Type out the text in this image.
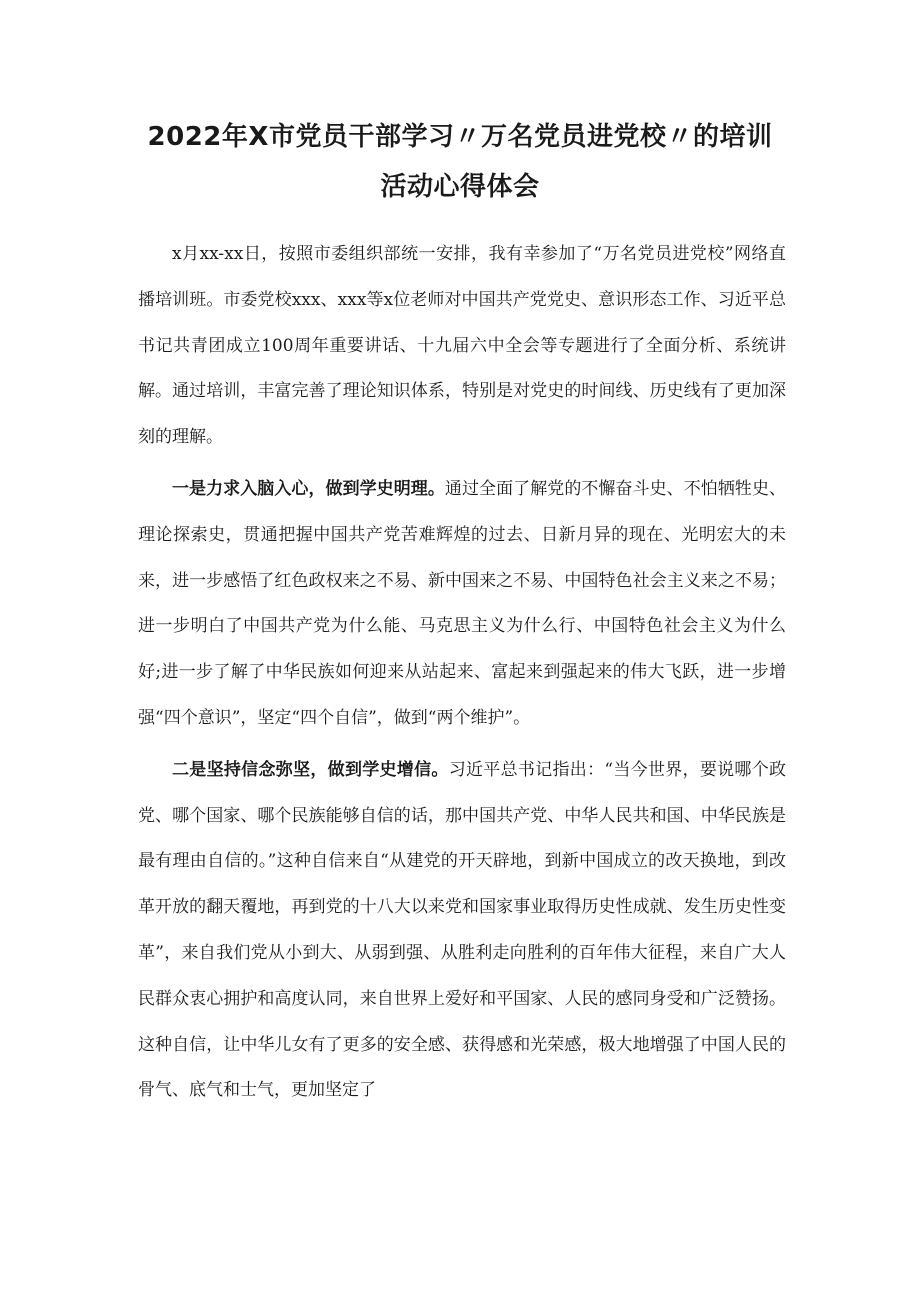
2022年X市党员干部学习〃万名党员进党校〃的培训活动心得体会

x月xx-xx日，按照市委组织部统一安排，我有幸参加了“万名党员进党校”网络直播培训班。市委党校xxx、xxx等x位老师对中国共产党党史、意识形态工作、习近平总书记共青团成立100周年重要讲话、十九届六中全会等专题进行了全面分析、系统讲解。通过培训，丰富完善了理论知识体系，特别是对党史的时间线、历史线有了更加深刻的理解。

一是力求入脑入心，做到学史明理。通过全面了解党的不懈奋斗史、不怕牺牲史、理论探索史，贯通把握中国共产党苦难辉煌的过去、日新月异的现在、光明宏大的未来，进一步感悟了红色政权来之不易、新中国来之不易、中国特色社会主义来之不易；进一步明白了中国共产党为什么能、马克思主义为什么行、中国特色社会主义为什么好;进一步了解了中华民族如何迎来从站起来、富起来到强起来的伟大飞跃，进一步增强“四个意识”，坚定“四个自信”，做到“两个维护”。

二是坚持信念弥坚，做到学史增信。习近平总书记指出：“当今世界，要说哪个政党、哪个国家、哪个民族能够自信的话，那中国共产党、中华人民共和国、中华民族是最有理由自信的。”这种自信来自“从建党的开天辟地，到新中国成立的改天换地，到改革开放的翻天覆地，再到党的十八大以来党和国家事业取得历史性成就、发生历史性变革”，来自我们党从小到大、从弱到强、从胜利走向胜利的百年伟大征程，来自广大人民群众衷心拥护和高度认同，来自世界上爱好和平国家、人民的感同身受和广泛赞扬。这种自信，让中华儿女有了更多的安全感、获得感和光荣感，极大地增强了中国人民的骨气、底气和士气，更加坚定了
